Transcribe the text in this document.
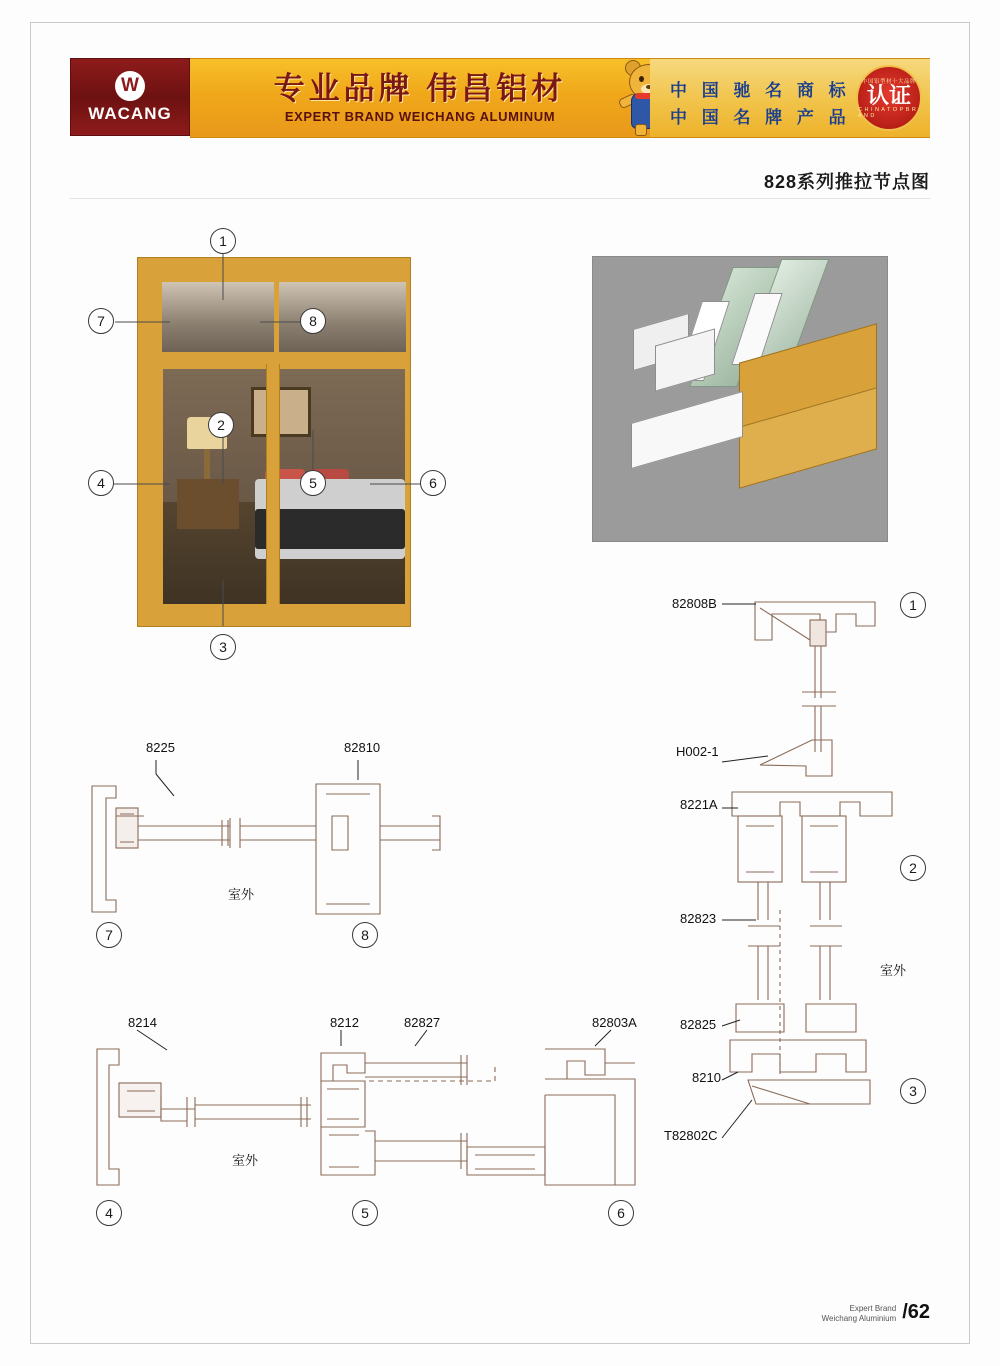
W
WACANG
专业品牌 伟昌铝材
EXPERT BRAND WEICHANG ALUMINUM
中 国 驰 名 商 标
中 国 名 牌 产 品
中国铝型材十大品牌
认证
C H I N A T O P B R A N D
828系列推拉节点图
1
7	8
2
4	5	6
3
82808B
H002-1
8221A
82823
82825
8210
T82802C
室外
1
2
3
8225	82810
室外
7	8
8214	8212	82827	82803A
室外
4	5	6
Expert Brand
Weichang Aluminium /62
